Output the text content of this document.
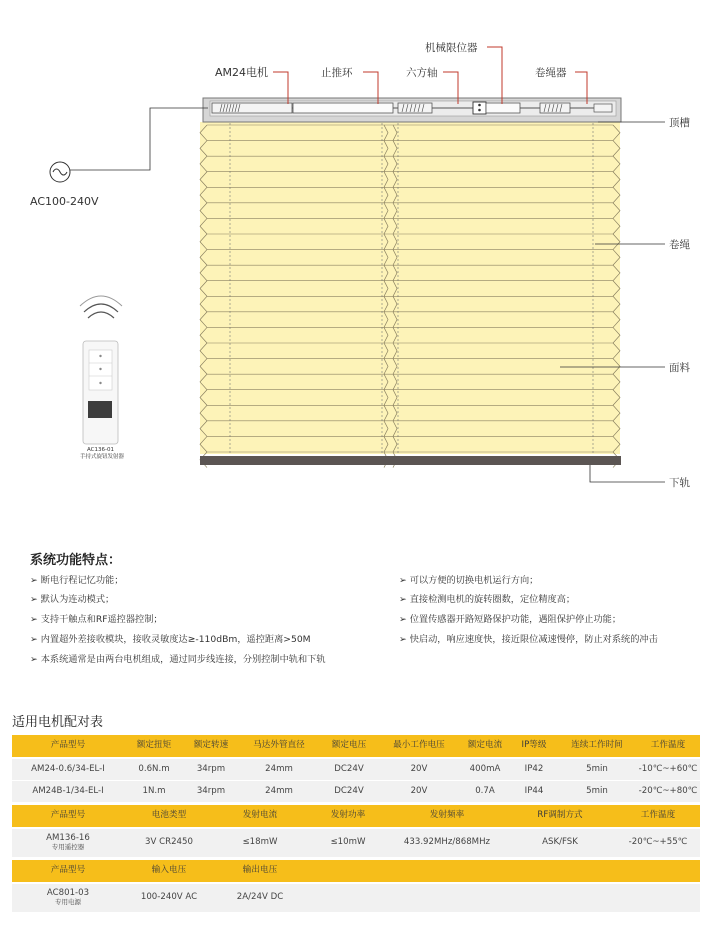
AM24电机	止推环	六方轴
机械限位器
卷绳器
顶槽
卷绳
面料
下轨
AC100-240V
AC136-01
手持式旋钮发射器
系统功能特点：
➢ 断电行程记忆功能；
➢ 默认为连动模式；
➢ 支持干触点和RF遥控器控制；
➢ 内置超外差接收模块，接收灵敏度达≥-110dBm，遥控距离>50M
➢ 本系统通常是由两台电机组成，通过同步线连接，分别控制中轨和下轨
➢ 可以方便的切换电机运行方向；
➢ 直接检测电机的旋转圈数，定位精度高；
➢ 位置传感器开路短路保护功能，遇阻保护停止功能；
➢ 快启动，响应速度快，接近限位减速慢停，防止对系统的冲击
适用电机配对表
产品型号	额定扭矩	额定转速	马达外管直径	额定电压	最小工作电压	额定电流	IP等级	连续工作时间	工作温度
AM24-0.6/34-EL-I	0.6N.m	34rpm	24mm	DC24V	20V	400mA	IP42	5min	-10℃~+60℃
AM24B-1/34-EL-I	1N.m	34rpm	24mm	DC24V	20V	0.7A	IP44	5min	-20℃~+80℃
产品型号	电池类型	发射电流	发射功率	发射频率	RF调制方式	工作温度
AM136-16
专用遥控器
3V CR2450	≤18mW	≤10mW	433.92MHz/868MHz	ASK/FSK	-20℃~+55℃
产品型号	输入电压	输出电压
AC801-03
专用电源
100-240V AC	2A/24V DC
